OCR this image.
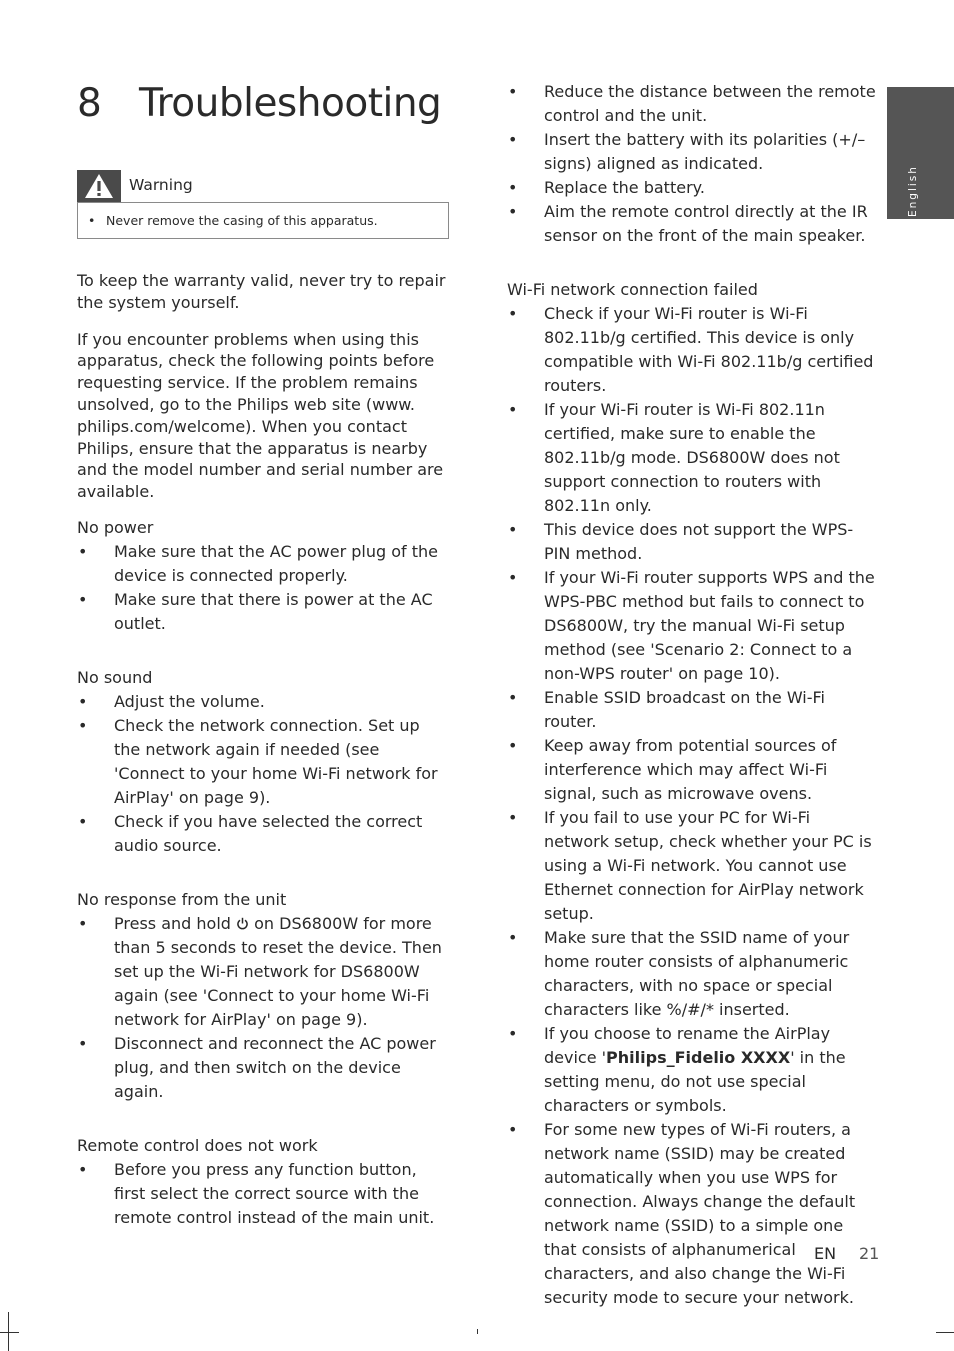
8 Troubleshooting
Warning
• Never remove the casing of this apparatus.

To keep the warranty valid, never try to repair the system yourself.

If you encounter problems when using this apparatus, check the following points before requesting service. If the problem remains unsolved, go to the Philips web site (www. philips.com/welcome). When you contact Philips, ensure that the apparatus is nearby and the model number and serial number are available.

No power
• Make sure that the AC power plug of the device is connected properly.
• Make sure that there is power at the AC outlet.
No sound
• Adjust the volume.
• Check the network connection. Set up the network again if needed (see 'Connect to your home Wi-Fi network for AirPlay' on page 9).
• Check if you have selected the correct audio source.
No response from the unit
• Press and hold on DS6800W for more than 5 seconds to reset the device. Then set up the Wi-Fi network for DS6800W again (see 'Connect to your home Wi-Fi network for AirPlay' on page 9).
• Disconnect and reconnect the AC power plug, and then switch on the device again.
Remote control does not work
• Before you press any function button, first select the correct source with the remote control instead of the main unit.
• Reduce the distance between the remote control and the unit.
• Insert the battery with its polarities (+/– signs) aligned as indicated.
• Replace the battery.
• Aim the remote control directly at the IR sensor on the front of the main speaker.
Wi-Fi network connection failed
• Check if your Wi-Fi router is Wi-Fi 802.11b/g certified. This device is only compatible with Wi-Fi 802.11b/g certified routers.
• If your Wi-Fi router is Wi-Fi 802.11n certified, make sure to enable the 802.11b/g mode. DS6800W does not support connection to routers with 802.11n only.
• This device does not support the WPS-PIN method.
• If your Wi-Fi router supports WPS and the WPS-PBC method but fails to connect to DS6800W, try the manual Wi-Fi setup method (see 'Scenario 2: Connect to a non-WPS router' on page 10).
• Enable SSID broadcast on the Wi-Fi router.
• Keep away from potential sources of interference which may affect Wi-Fi signal, such as microwave ovens.
• If you fail to use your PC for Wi-Fi network setup, check whether your PC is using a Wi-Fi network. You cannot use Ethernet connection for AirPlay network setup.
• Make sure that the SSID name of your home router consists of alphanumeric characters, with no space or special characters like %/#/* inserted.
• If you choose to rename the AirPlay device 'Philips_Fidelio XXXX' in the setting menu, do not use special characters or symbols.
• For some new types of Wi-Fi routers, a network name (SSID) may be created automatically when you use WPS for connection. Always change the default network name (SSID) to a simple one that consists of alphanumerical characters, and also change the Wi-Fi security mode to secure your network.
English
EN 21
